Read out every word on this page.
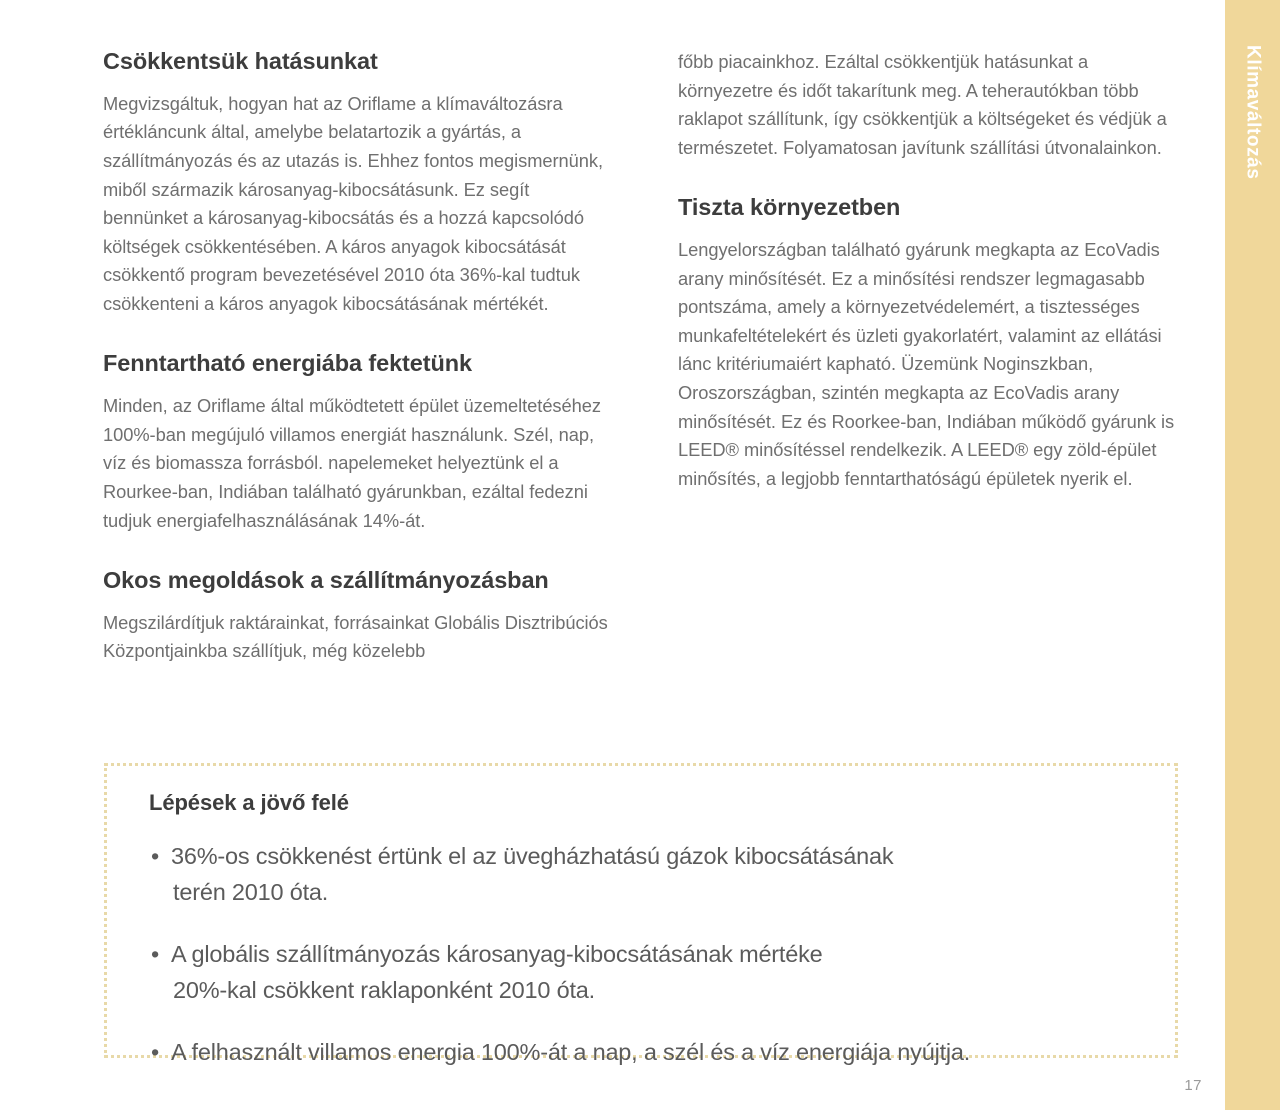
Klímaváltozás
Csökkentsük hatásunkat

Megvizsgáltuk, hogyan hat az Oriflame a klímaváltozásra értékláncunk által, amelybe belatartozik a gyártás, a szállítmányozás és az utazás is. Ehhez fontos megismernünk, miből származik károsanyag-kibocsátásunk. Ez segít bennünket a károsanyag-kibocsátás és a hozzá kapcsolódó költségek csökkentésében. A káros anyagok kibocsátását csökkentő program bevezetésével 2010 óta 36%-kal tudtuk csökkenteni a káros anyagok kibocsátásának mértékét.

Fenntartható energiába fektetünk

Minden, az Oriflame által működtetett épület üzemeltetéséhez 100%-ban megújuló villamos energiát használunk. Szél, nap, víz és biomassza forrásból. napelemeket helyeztünk el a Rourkee-ban, Indiában található gyárunkban, ezáltal fedezni tudjuk energiafelhasználásának 14%-át.

Okos megoldások a szállítmányozásban

Megszilárdítjuk raktárainkat, forrásainkat Globális Disztribúciós Központjainkba szállítjuk, még közelebb

főbb piacainkhoz. Ezáltal csökkentjük hatásunkat a környezetre és időt takarítunk meg. A teherautókban több raklapot szállítunk, így csökkentjük a költségeket és védjük a természetet. Folyamatosan javítunk szállítási útvonalainkon.

Tiszta környezetben

Lengyelországban található gyárunk megkapta az EcoVadis arany minősítését. Ez a minősítési rendszer legmagasabb pontszáma, amely a környezetvédelemért, a tisztességes munkafeltételekért és üzleti gyakorlatért, valamint az ellátási lánc kritériumaiért kapható. Üzemünk Noginszkban, Oroszországban, szintén megkapta az EcoVadis arany minősítését. Ez és Roorkee-ban, Indiában működő gyárunk is LEED® minősítéssel rendelkezik. A LEED® egy zöld-épület minősítés, a legjobb fenntarthatóságú épületek nyerik el.

Lépések a jövő felé
• 36%-os csökkenést értünk el az üvegházhatású gázok kibocsátásának
terén 2010 óta.
• A globális szállítmányozás károsanyag-kibocsátásának mértéke
20%-kal csökkent raklaponként 2010 óta.
• A felhasznált villamos energia 100%-át a nap, a szél és a víz energiája nyújtja.
17
